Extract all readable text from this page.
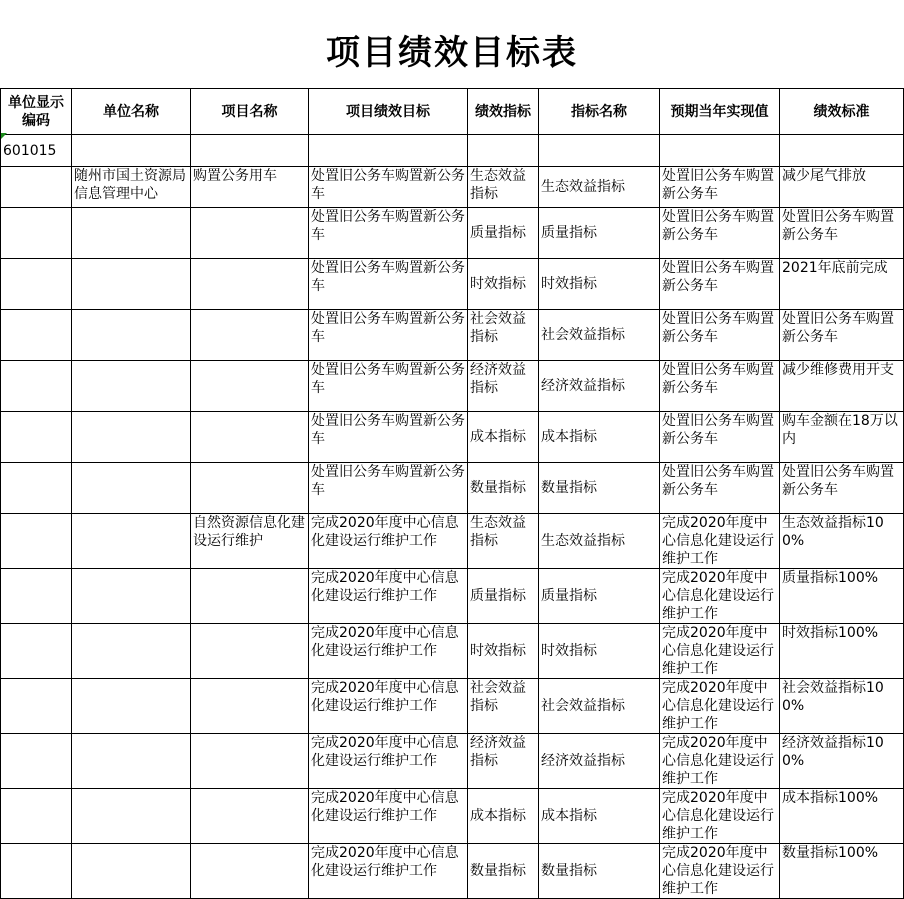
项目绩效目标表
单位显示编码	单位名称	项目名称	项目绩效目标	绩效指标	指标名称	预期当年实现值	绩效标准
601015							
	随州市国土资源局信息管理中心	购置公务用车	处置旧公务车购置新公务车	生态效益指标	生态效益指标	处置旧公务车购置新公务车	减少尾气排放
			处置旧公务车购置新公务车	质量指标	质量指标	处置旧公务车购置新公务车	处置旧公务车购置新公务车
			处置旧公务车购置新公务车	时效指标	时效指标	处置旧公务车购置新公务车	2021年底前完成
			处置旧公务车购置新公务车	社会效益指标	社会效益指标	处置旧公务车购置新公务车	处置旧公务车购置新公务车
			处置旧公务车购置新公务车	经济效益指标	经济效益指标	处置旧公务车购置新公务车	减少维修费用开支
			处置旧公务车购置新公务车	成本指标	成本指标	处置旧公务车购置新公务车	购车金额在18万以内
			处置旧公务车购置新公务车	数量指标	数量指标	处置旧公务车购置新公务车	处置旧公务车购置新公务车
		自然资源信息化建设运行维护	完成2020年度中心信息化建设运行维护工作	生态效益指标	生态效益指标	完成2020年度中心信息化建设运行维护工作	生态效益指标100%
			完成2020年度中心信息化建设运行维护工作	质量指标	质量指标	完成2020年度中心信息化建设运行维护工作	质量指标100%
			完成2020年度中心信息化建设运行维护工作	时效指标	时效指标	完成2020年度中心信息化建设运行维护工作	时效指标100%
			完成2020年度中心信息化建设运行维护工作	社会效益指标	社会效益指标	完成2020年度中心信息化建设运行维护工作	社会效益指标100%
			完成2020年度中心信息化建设运行维护工作	经济效益指标	经济效益指标	完成2020年度中心信息化建设运行维护工作	经济效益指标100%
			完成2020年度中心信息化建设运行维护工作	成本指标	成本指标	完成2020年度中心信息化建设运行维护工作	成本指标100%
			完成2020年度中心信息化建设运行维护工作	数量指标	数量指标	完成2020年度中心信息化建设运行维护工作	数量指标100%
